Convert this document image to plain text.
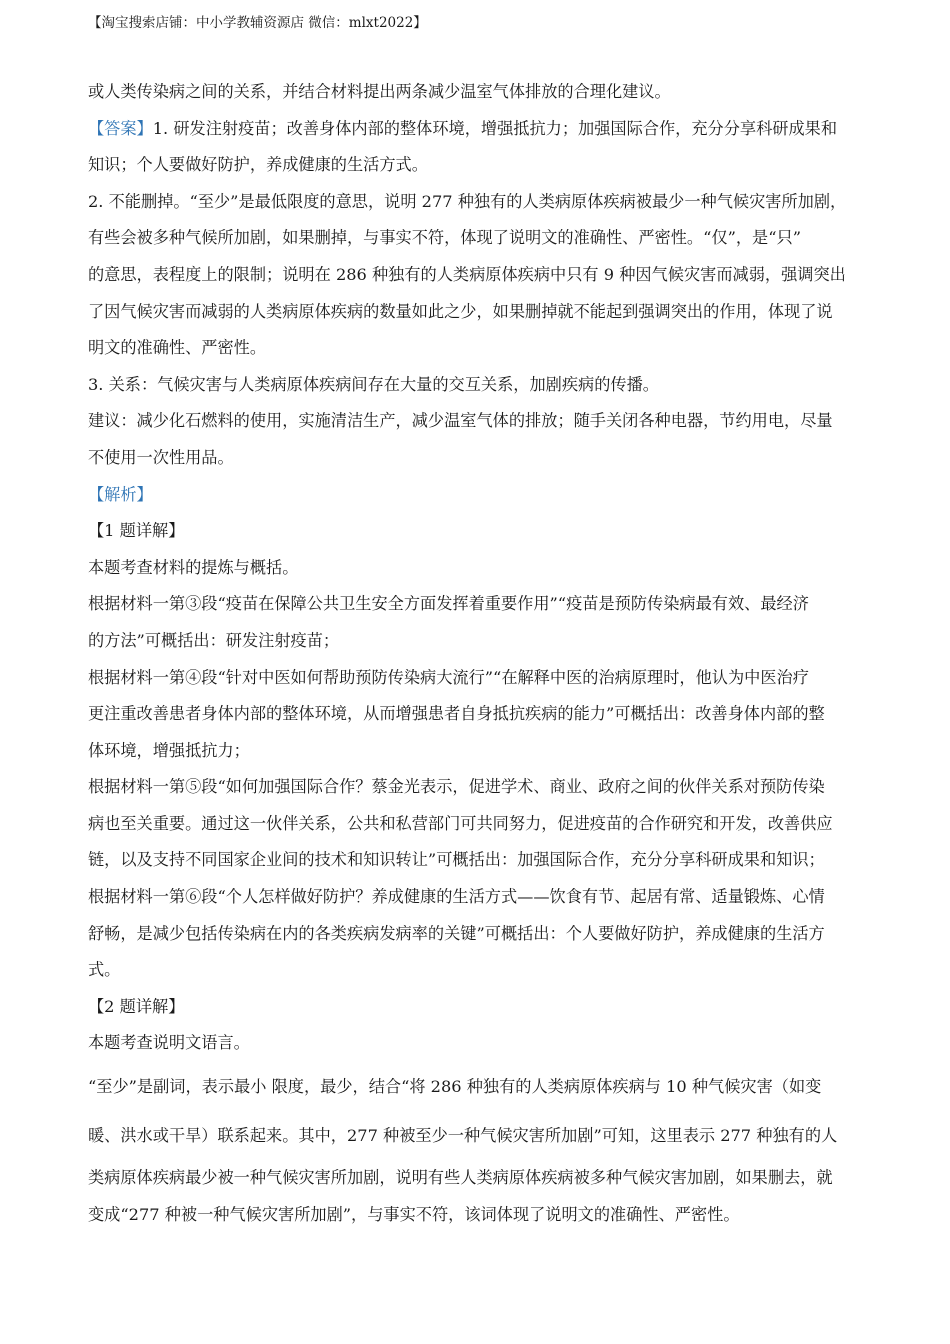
【淘宝搜索店铺：中小学教辅资源店 微信：mlxt2022】
或人类传染病之间的关系，并结合材料提出两条减少温室气体排放的合理化建议。
【答案】1. 研发注射疫苗；改善身体内部的整体环境，增强抵抗力；加强国际合作，充分分享科研成果和
知识；个人要做好防护，养成健康的生活方式。
2. 不能删掉。“至少”是最低限度的意思，说明 277 种独有的人类病原体疾病被最少一种气候灾害所加剧，
有些会被多种气候所加剧，如果删掉，与事实不符，体现了说明文的准确性、严密性。“仅”，是“只”
的意思，表程度上的限制；说明在 286 种独有的人类病原体疾病中只有 9 种因气候灾害而减弱，强调突出
了因气候灾害而减弱的人类病原体疾病的数量如此之少，如果删掉就不能起到强调突出的作用，体现了说
明文的准确性、严密性。
3. 关系：气候灾害与人类病原体疾病间存在大量的交互关系，加剧疾病的传播。
建议：减少化石燃料的使用，实施清洁生产，减少温室气体的排放；随手关闭各种电器，节约用电，尽量
不使用一次性用品。
【解析】
【1 题详解】
本题考查材料的提炼与概括。
根据材料一第③段“疫苗在保障公共卫生安全方面发挥着重要作用”“疫苗是预防传染病最有效、最经济
的方法”可概括出：研发注射疫苗；
根据材料一第④段“针对中医如何帮助预防传染病大流行”“在解释中医的治病原理时，他认为中医治疗
更注重改善患者身体内部的整体环境，从而增强患者自身抵抗疾病的能力”可概括出：改善身体内部的整
体环境，增强抵抗力；
根据材料一第⑤段“如何加强国际合作？蔡金光表示，促进学术、商业、政府之间的伙伴关系对预防传染
病也至关重要。通过这一伙伴关系，公共和私营部门可共同努力，促进疫苗的合作研究和开发，改善供应
链，以及支持不同国家企业间的技术和知识转让”可概括出：加强国际合作，充分分享科研成果和知识；
根据材料一第⑥段“个人怎样做好防护？养成健康的生活方式——饮食有节、起居有常、适量锻炼、心情
舒畅，是减少包括传染病在内的各类疾病发病率的关键”可概括出：个人要做好防护，养成健康的生活方
式。
【2 题详解】
本题考查说明文语言。
“至少”是副词，表示最小 限度，最少，结合“将 286 种独有的人类病原体疾病与 10 种气候灾害（如变
暖、洪水或干旱）联系起来。其中，277 种被至少一种气候灾害所加剧”可知，这里表示 277 种独有的人
类病原体疾病最少被一种气候灾害所加剧，说明有些人类病原体疾病被多种气候灾害加剧，如果删去，就
变成“277 种被一种气候灾害所加剧”，与事实不符，该词体现了说明文的准确性、严密性。
